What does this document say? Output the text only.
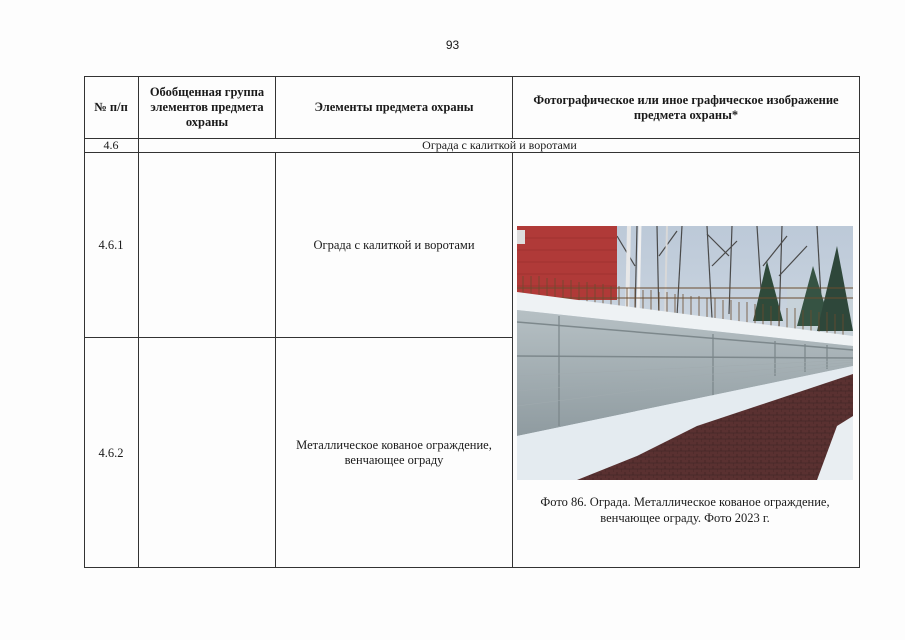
93
№ п/п
Обобщенная группа элементов предмета охраны
Элементы предмета охраны
Фотографическое или иное графическое изображение предмета охраны*
4.6	Ограда с калиткой и воротами
4.6.1	Ограда с калиткой и воротами
4.6.2
Металлическое кованое ограждение, венчающее ограду
Фото 86. Ограда. Металлическое кованое ограждение, венчающее ограду. Фото 2023 г.
